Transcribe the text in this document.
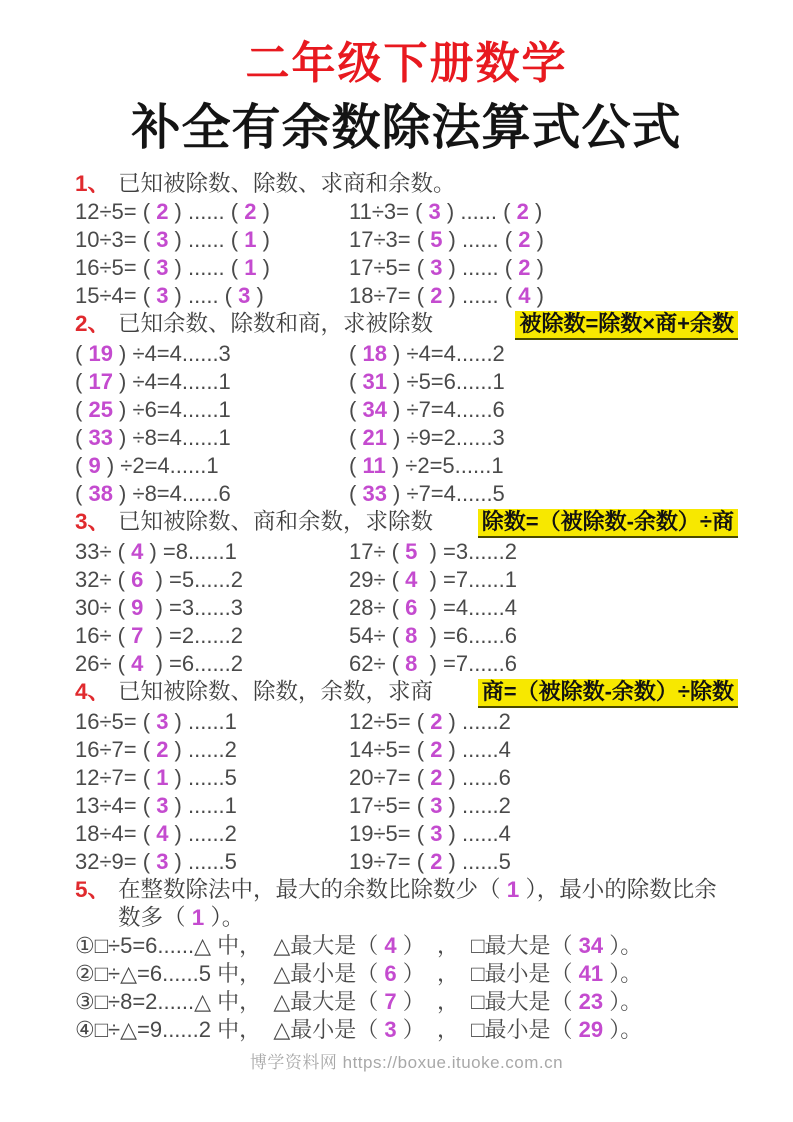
二年级下册数学
补全有余数除法算式公式
1、 已知被除数、除数、求商和余数。
12÷5= ( 2 ) ...... ( 2 )	11÷3= ( 3 ) ...... ( 2 )
10÷3= ( 3 ) ...... ( 1 )	17÷3= ( 5 ) ...... ( 2 )
16÷5= ( 3 ) ...... ( 1 )	17÷5= ( 3 ) ...... ( 2 )
15÷4= ( 3 ) ..... ( 3 )	18÷7= ( 2 ) ...... ( 4 )
2、 已知余数、除数和商，求被除数	被除数=除数×商+余数
( 19 ) ÷4=4......3	( 18 ) ÷4=4......2
( 17 ) ÷4=4......1	( 31 ) ÷5=6......1
( 25 ) ÷6=4......1	( 34 ) ÷7=4......6
( 33 ) ÷8=4......1	( 21 ) ÷9=2......3
( 9 ) ÷2=4......1	( 11 ) ÷2=5......1
( 38 ) ÷8=4......6	( 33 ) ÷7=4......5
3、 已知被除数、商和余数，求除数 除数=（被除数-余数）÷商
33÷ ( 4 ) =8......1	17÷ ( 5  ) =3......2
32÷ ( 6  ) =5......2	29÷ ( 4  ) =7......1
30÷ ( 9  ) =3......3	28÷ ( 6  ) =4......4
16÷ ( 7  ) =2......2	54÷ ( 8  ) =6......6
26÷ ( 4  ) =6......2	62÷ ( 8  ) =7......6
4、 已知被除数、除数，余数，求商 商=（被除数-余数）÷除数
16÷5= ( 3 ) ......1	12÷5= ( 2 ) ......2
16÷7= ( 2 ) ......2	14÷5= ( 2 ) ......4
12÷7= ( 1 ) ......5	20÷7= ( 2 ) ......6
13÷4= ( 3 ) ......1	17÷5= ( 3 ) ......2
18÷4= ( 4 ) ......2	19÷5= ( 3 ) ......4
32÷9= ( 3 ) ......5	19÷7= ( 2 ) ......5
5、 在整数除法中，最大的余数比除数少（ 1 ），最小的除数比余数多（ 1 ）。
①□÷5=6......△ 中，  △最大是（ 4 ）  ，  □最大是（ 34 ）。
②□÷△=6......5 中，  △最小是（ 6 ）  ，  □最小是（ 41 ）。
③□÷8=2......△ 中，  △最大是（ 7 ）  ，  □最大是（ 23 ）。
④□÷△=9......2 中，  △最小是（ 3 ）  ，  □最小是（ 29 ）。
博学资料网 https://boxue.ituoke.com.cn
